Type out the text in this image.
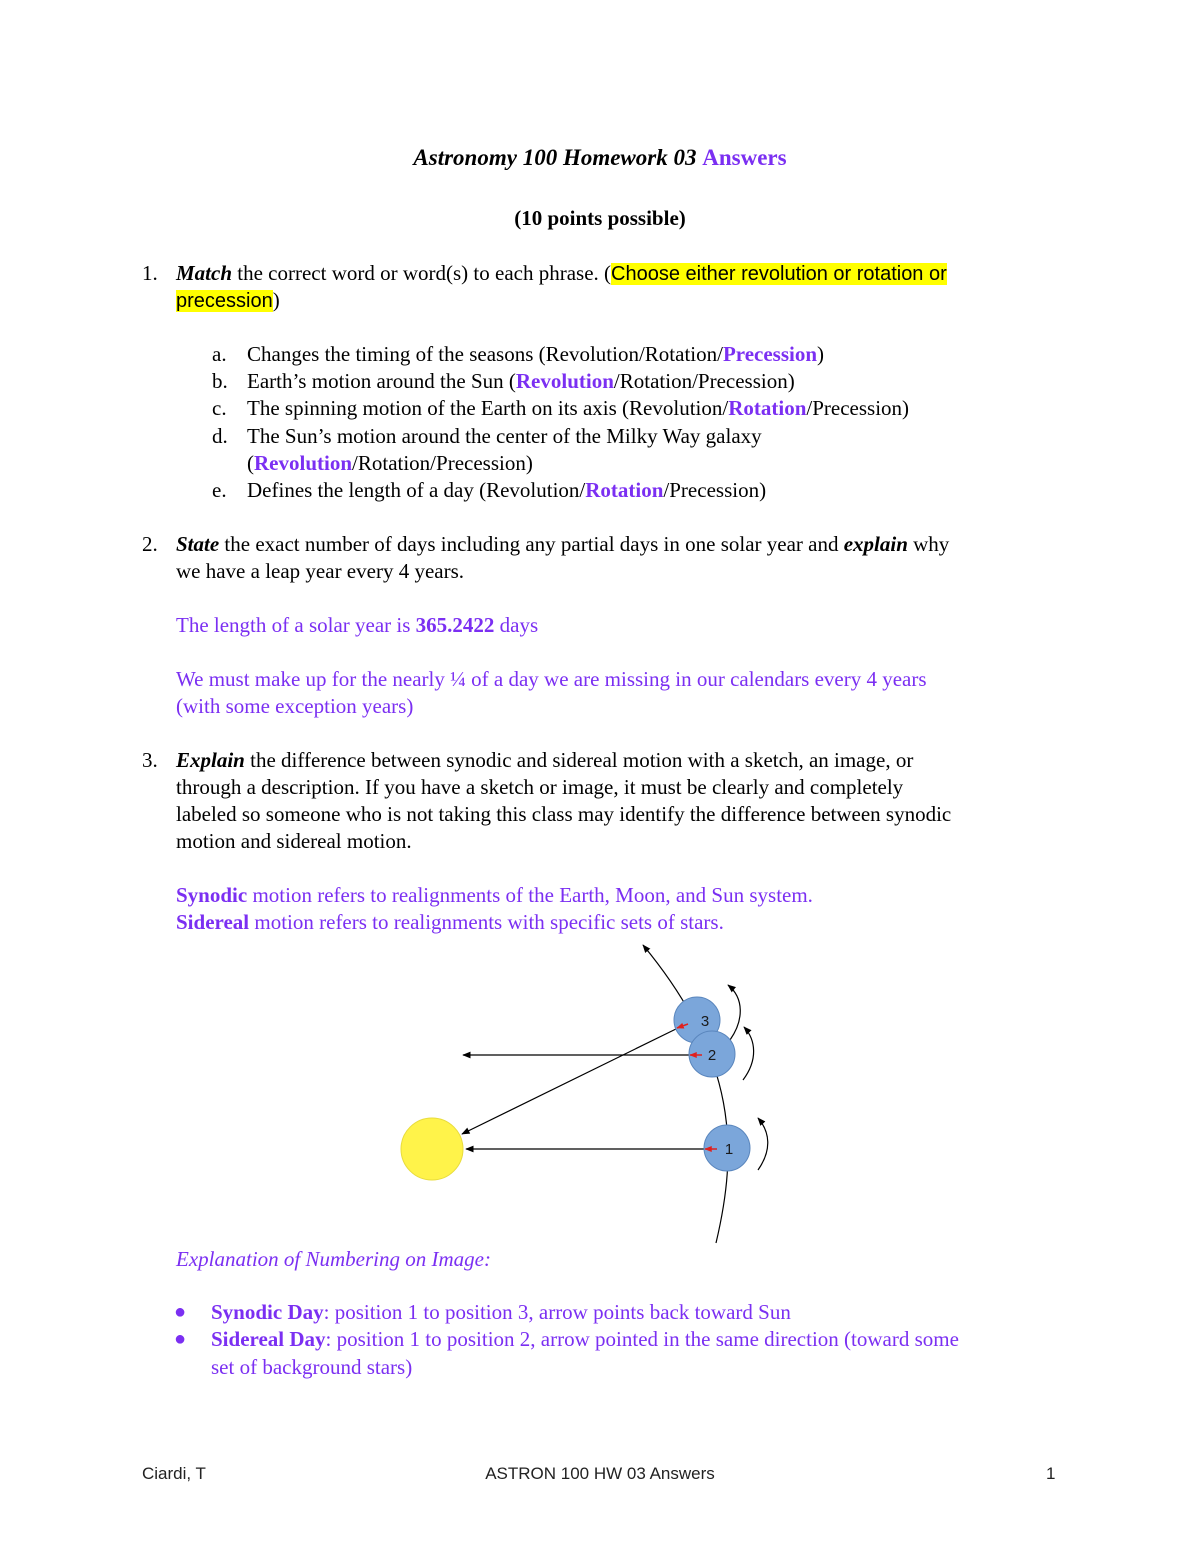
Astronomy 100 Homework 03 Answers
(10 points possible)
1. Match the correct word or word(s) to each phrase. (Choose either revolution or rotation or
precession)
a. Changes the timing of the seasons (Revolution/Rotation/Precession)
b. Earth’s motion around the Sun (Revolution/Rotation/Precession)
c. The spinning motion of the Earth on its axis (Revolution/Rotation/Precession)
d. The Sun’s motion around the center of the Milky Way galaxy
(Revolution/Rotation/Precession)
e. Defines the length of a day (Revolution/Rotation/Precession)
2. State the exact number of days including any partial days in one solar year and explain why
we have a leap year every 4 years.
The length of a solar year is 365.2422 days
We must make up for the nearly ¼ of a day we are missing in our calendars every 4 years
(with some exception years)
3. Explain the difference between synodic and sidereal motion with a sketch, an image, or
through a description. If you have a sketch or image, it must be clearly and completely
labeled so someone who is not taking this class may identify the difference between synodic
motion and sidereal motion.
Synodic motion refers to realignments of the Earth, Moon, and Sun system.
Sidereal motion refers to realignments with specific sets of stars.
3
2
1
Explanation of Numbering on Image:
●	Synodic Day: position 1 to position 3, arrow points back toward Sun
●	Sidereal Day: position 1 to position 2, arrow pointed in the same direction (toward some
set of background stars)
Ciardi, T	ASTRON 100 HW 03 Answers	1
